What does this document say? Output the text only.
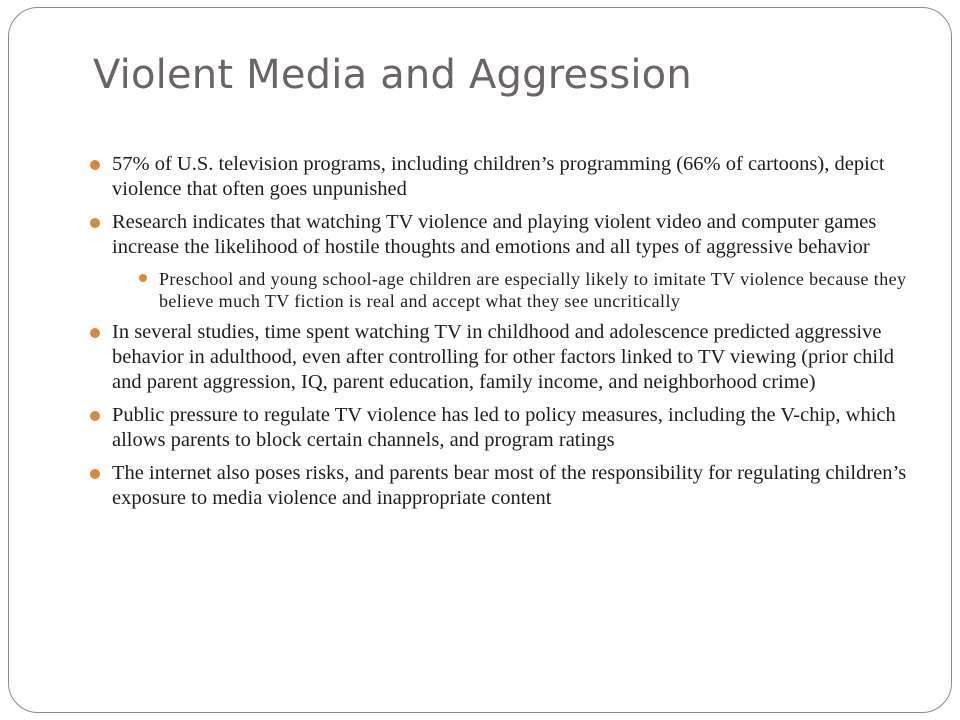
Violent Media and Aggression
57% of U.S. television programs, including children’s programming (66% of cartoons), depict violence that often goes unpunished
Research indicates that watching TV violence and playing violent video and computer games increase the likelihood of hostile thoughts and emotions and all types of aggressive behavior
Preschool and young school-age children are especially likely to imitate TV violence because they believe much TV fiction is real and accept what they see uncritically
In several studies, time spent watching TV in childhood and adolescence predicted aggressive behavior in adulthood, even after controlling for other factors linked to TV viewing (prior child and parent aggression, IQ, parent education, family income, and neighborhood crime)
Public pressure to regulate TV violence has led to policy measures, including the V-chip, which allows parents to block certain channels, and program ratings
The internet also poses risks, and parents bear most of the responsibility for regulating children’s exposure to media violence and inappropriate content
